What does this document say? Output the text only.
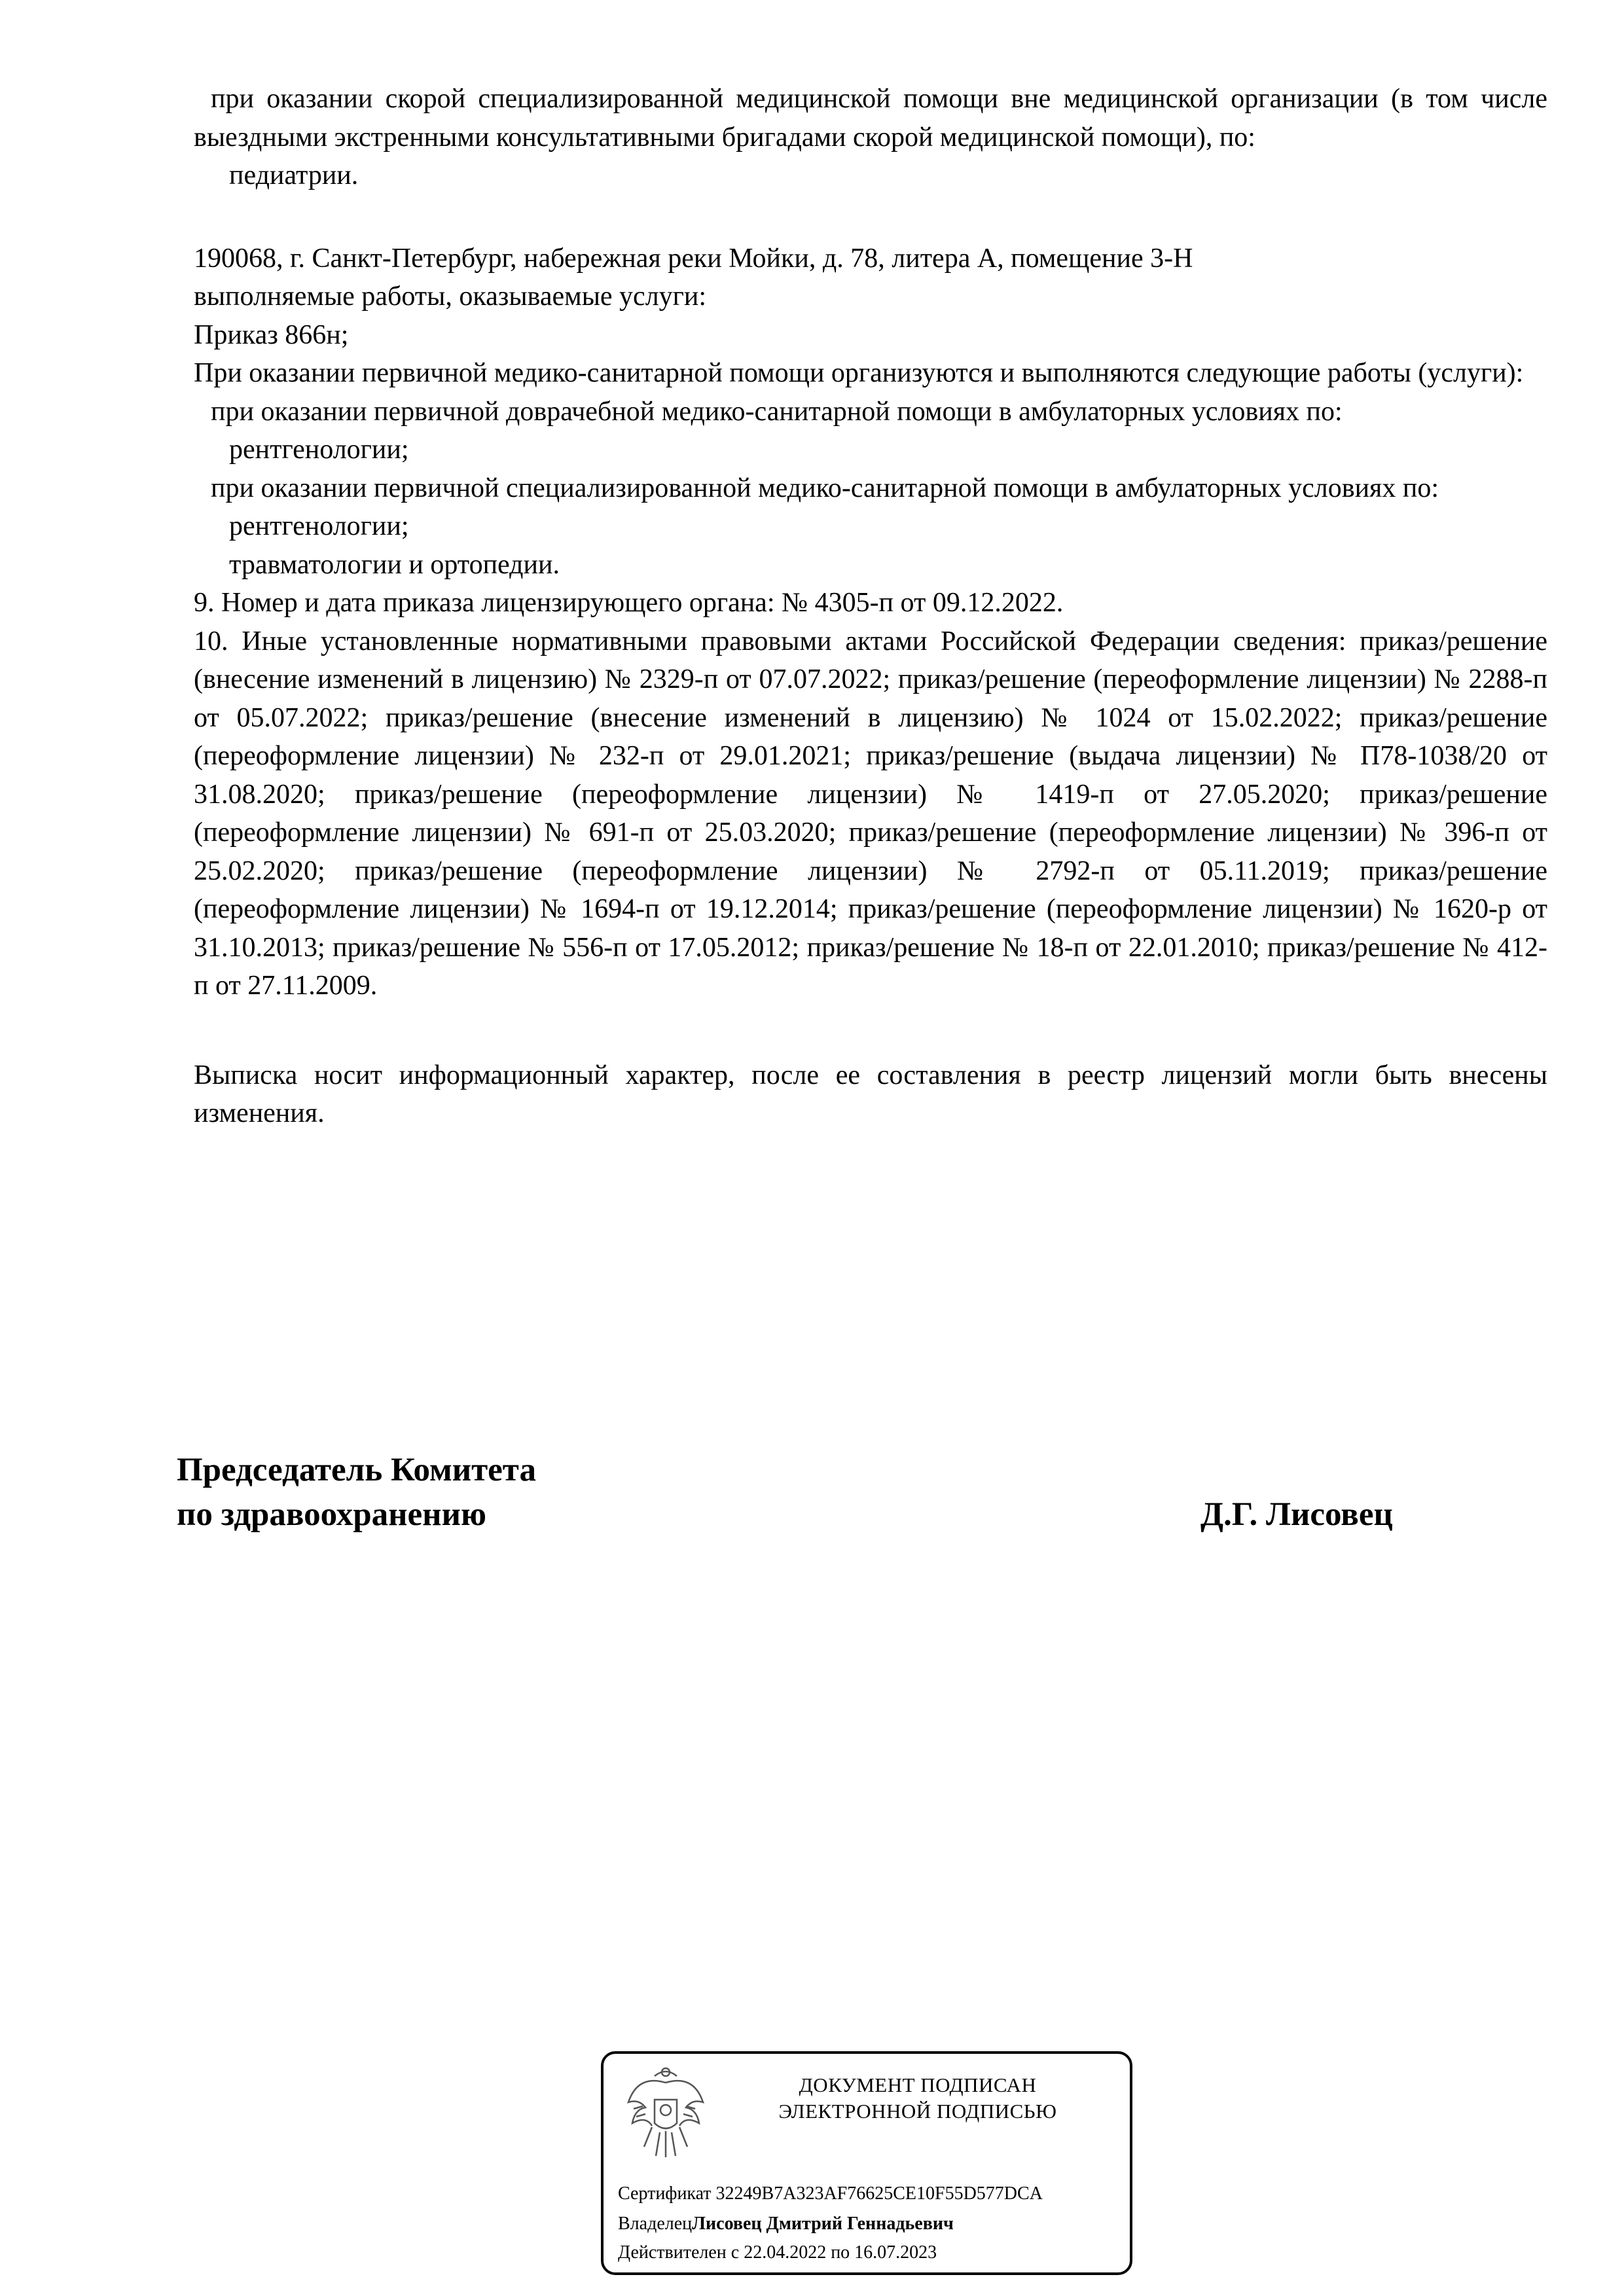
при оказании скорой специализированной медицинской помощи вне медицинской организации (в том числе выездными экстренными консультативными бригадами скорой медицинской помощи), по:

педиатрии.

190068, г. Санкт-Петербург, набережная реки Мойки, д. 78, литера А, помещение 3-Н

выполняемые работы, оказываемые услуги:

Приказ 866н;

При оказании первичной медико-санитарной помощи организуются и выполняются следующие работы (услуги):

при оказании первичной доврачебной медико-санитарной помощи в амбулаторных условиях по:

рентгенологии;

при оказании первичной специализированной медико-санитарной помощи в амбулаторных условиях по:

рентгенологии;

травматологии и ортопедии.

9. Номер и дата приказа лицензирующего органа: № 4305-п от 09.12.2022.

10. Иные установленные нормативными правовыми актами Российской Федерации сведения: приказ/решение (внесение изменений в лицензию) № 2329-п от 07.07.2022; приказ/решение (переоформление лицензии) № 2288-п от 05.07.2022; приказ/решение (внесение изменений в лицензию) № 1024 от 15.02.2022; приказ/решение (переоформление лицензии) № 232-п от 29.01.2021; приказ/решение (выдача лицензии) № П78-1038/20 от 31.08.2020; приказ/решение (переоформление лицензии) № 1419-п от 27.05.2020; приказ/решение (переоформление лицензии) № 691-п от 25.03.2020; приказ/решение (переоформление лицензии) № 396-п от 25.02.2020; приказ/решение (переоформление лицензии) № 2792-п от 05.11.2019; приказ/решение (переоформление лицензии) № 1694-п от 19.12.2014; приказ/решение (переоформление лицензии) № 1620-р от 31.10.2013; приказ/решение № 556-п от 17.05.2012; приказ/решение № 18-п от 22.01.2010; приказ/решение № 412-п от 27.11.2009.

Выписка носит информационный характер, после ее составления в реестр лицензий могли быть внесены изменения.

Председатель Комитета
по здравоохранению	Д.Г. Лисовец
ДОКУМЕНТ ПОДПИСАН
ЭЛЕКТРОННОЙ ПОДПИСЬЮ
Сертификат 32249B7A323AF76625CE10F55D577DCA
ВладелецЛисовец Дмитрий Геннадьевич
Действителен с 22.04.2022 по 16.07.2023
